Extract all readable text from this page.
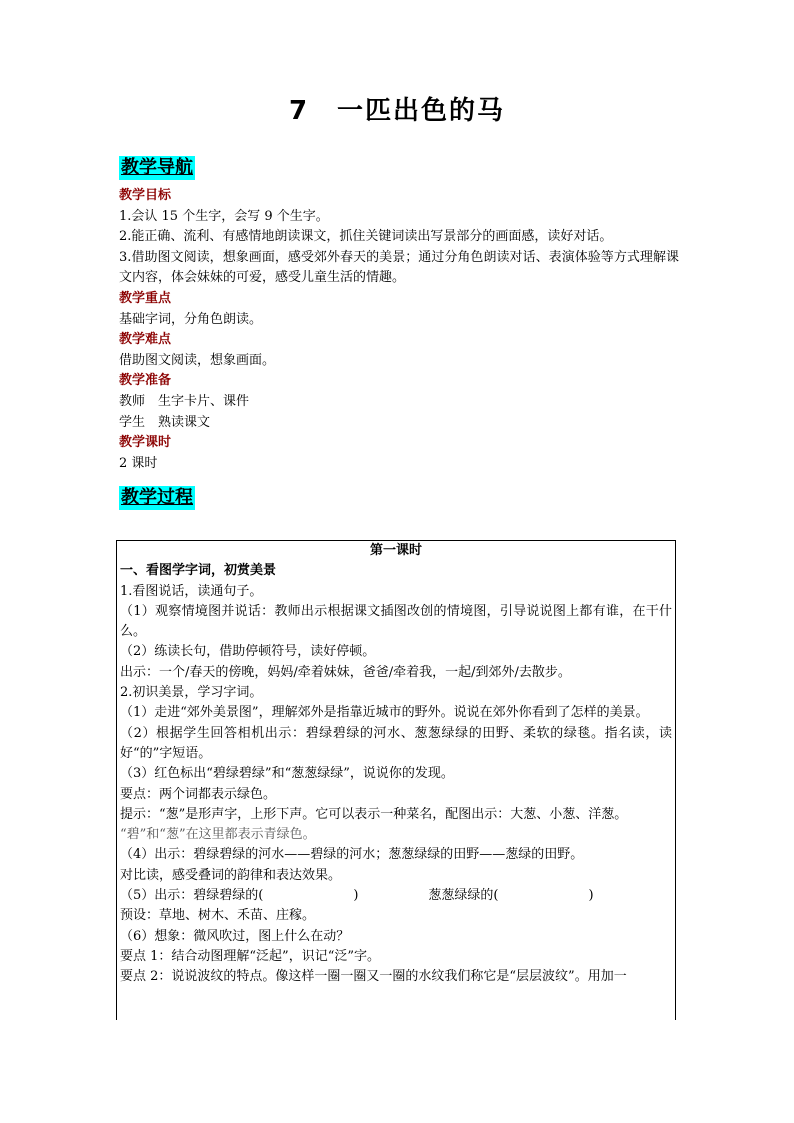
7　一匹出色的马
教学导航
教学目标
1.会认 15 个生字，会写 9 个生字。
2.能正确、流利、有感情地朗读课文，抓住关键词读出写景部分的画面感，读好对话。
3.借助图文阅读，想象画面，感受郊外春天的美景；通过分角色朗读对话、表演体验等方式理解课文内容，体会妹妹的可爱，感受儿童生活的情趣。
教学重点
基础字词，分角色朗读。
教学难点
借助图文阅读，想象画面。
教学准备
教师　生字卡片、课件
学生　熟读课文
教学课时
2 课时
教学过程
第一课时
一、看图学字词，初赏美景
1.看图说话，读通句子。
（1）观察情境图并说话：教师出示根据课文插图改创的情境图，引导说说图上都有谁，在干什么。
（2）练读长句，借助停顿符号，读好停顿。
出示：一个/春天的傍晚，妈妈/牵着妹妹，爸爸/牵着我，一起/到郊外/去散步。
2.初识美景，学习字词。
（1）走进“郊外美景图”，理解郊外是指靠近城市的野外。说说在郊外你看到了怎样的美景。
（2）根据学生回答相机出示：碧绿碧绿的河水、葱葱绿绿的田野、柔软的绿毯。指名读，读好“的”字短语。
（3）红色标出“碧绿碧绿”和“葱葱绿绿”，说说你的发现。
要点：两个词都表示绿色。
提示：“葱”是形声字，上形下声。它可以表示一种菜名，配图出示：大葱、小葱、洋葱。
“碧”和“葱”在这里都表示青绿色。
（4）出示：碧绿碧绿的河水——碧绿的河水；葱葱绿绿的田野——葱绿的田野。
对比读，感受叠词的韵律和表达效果。
（5）出示：碧绿碧绿的(	)	葱葱绿绿的(	)
预设：草地、树木、禾苗、庄稼。
（6）想象：微风吹过，图上什么在动？
要点 1：结合动图理解“泛起”，识记“泛”字。
要点 2：说说波纹的特点。像这样一圈一圈又一圈的水纹我们称它是“层层波纹”。用加一
